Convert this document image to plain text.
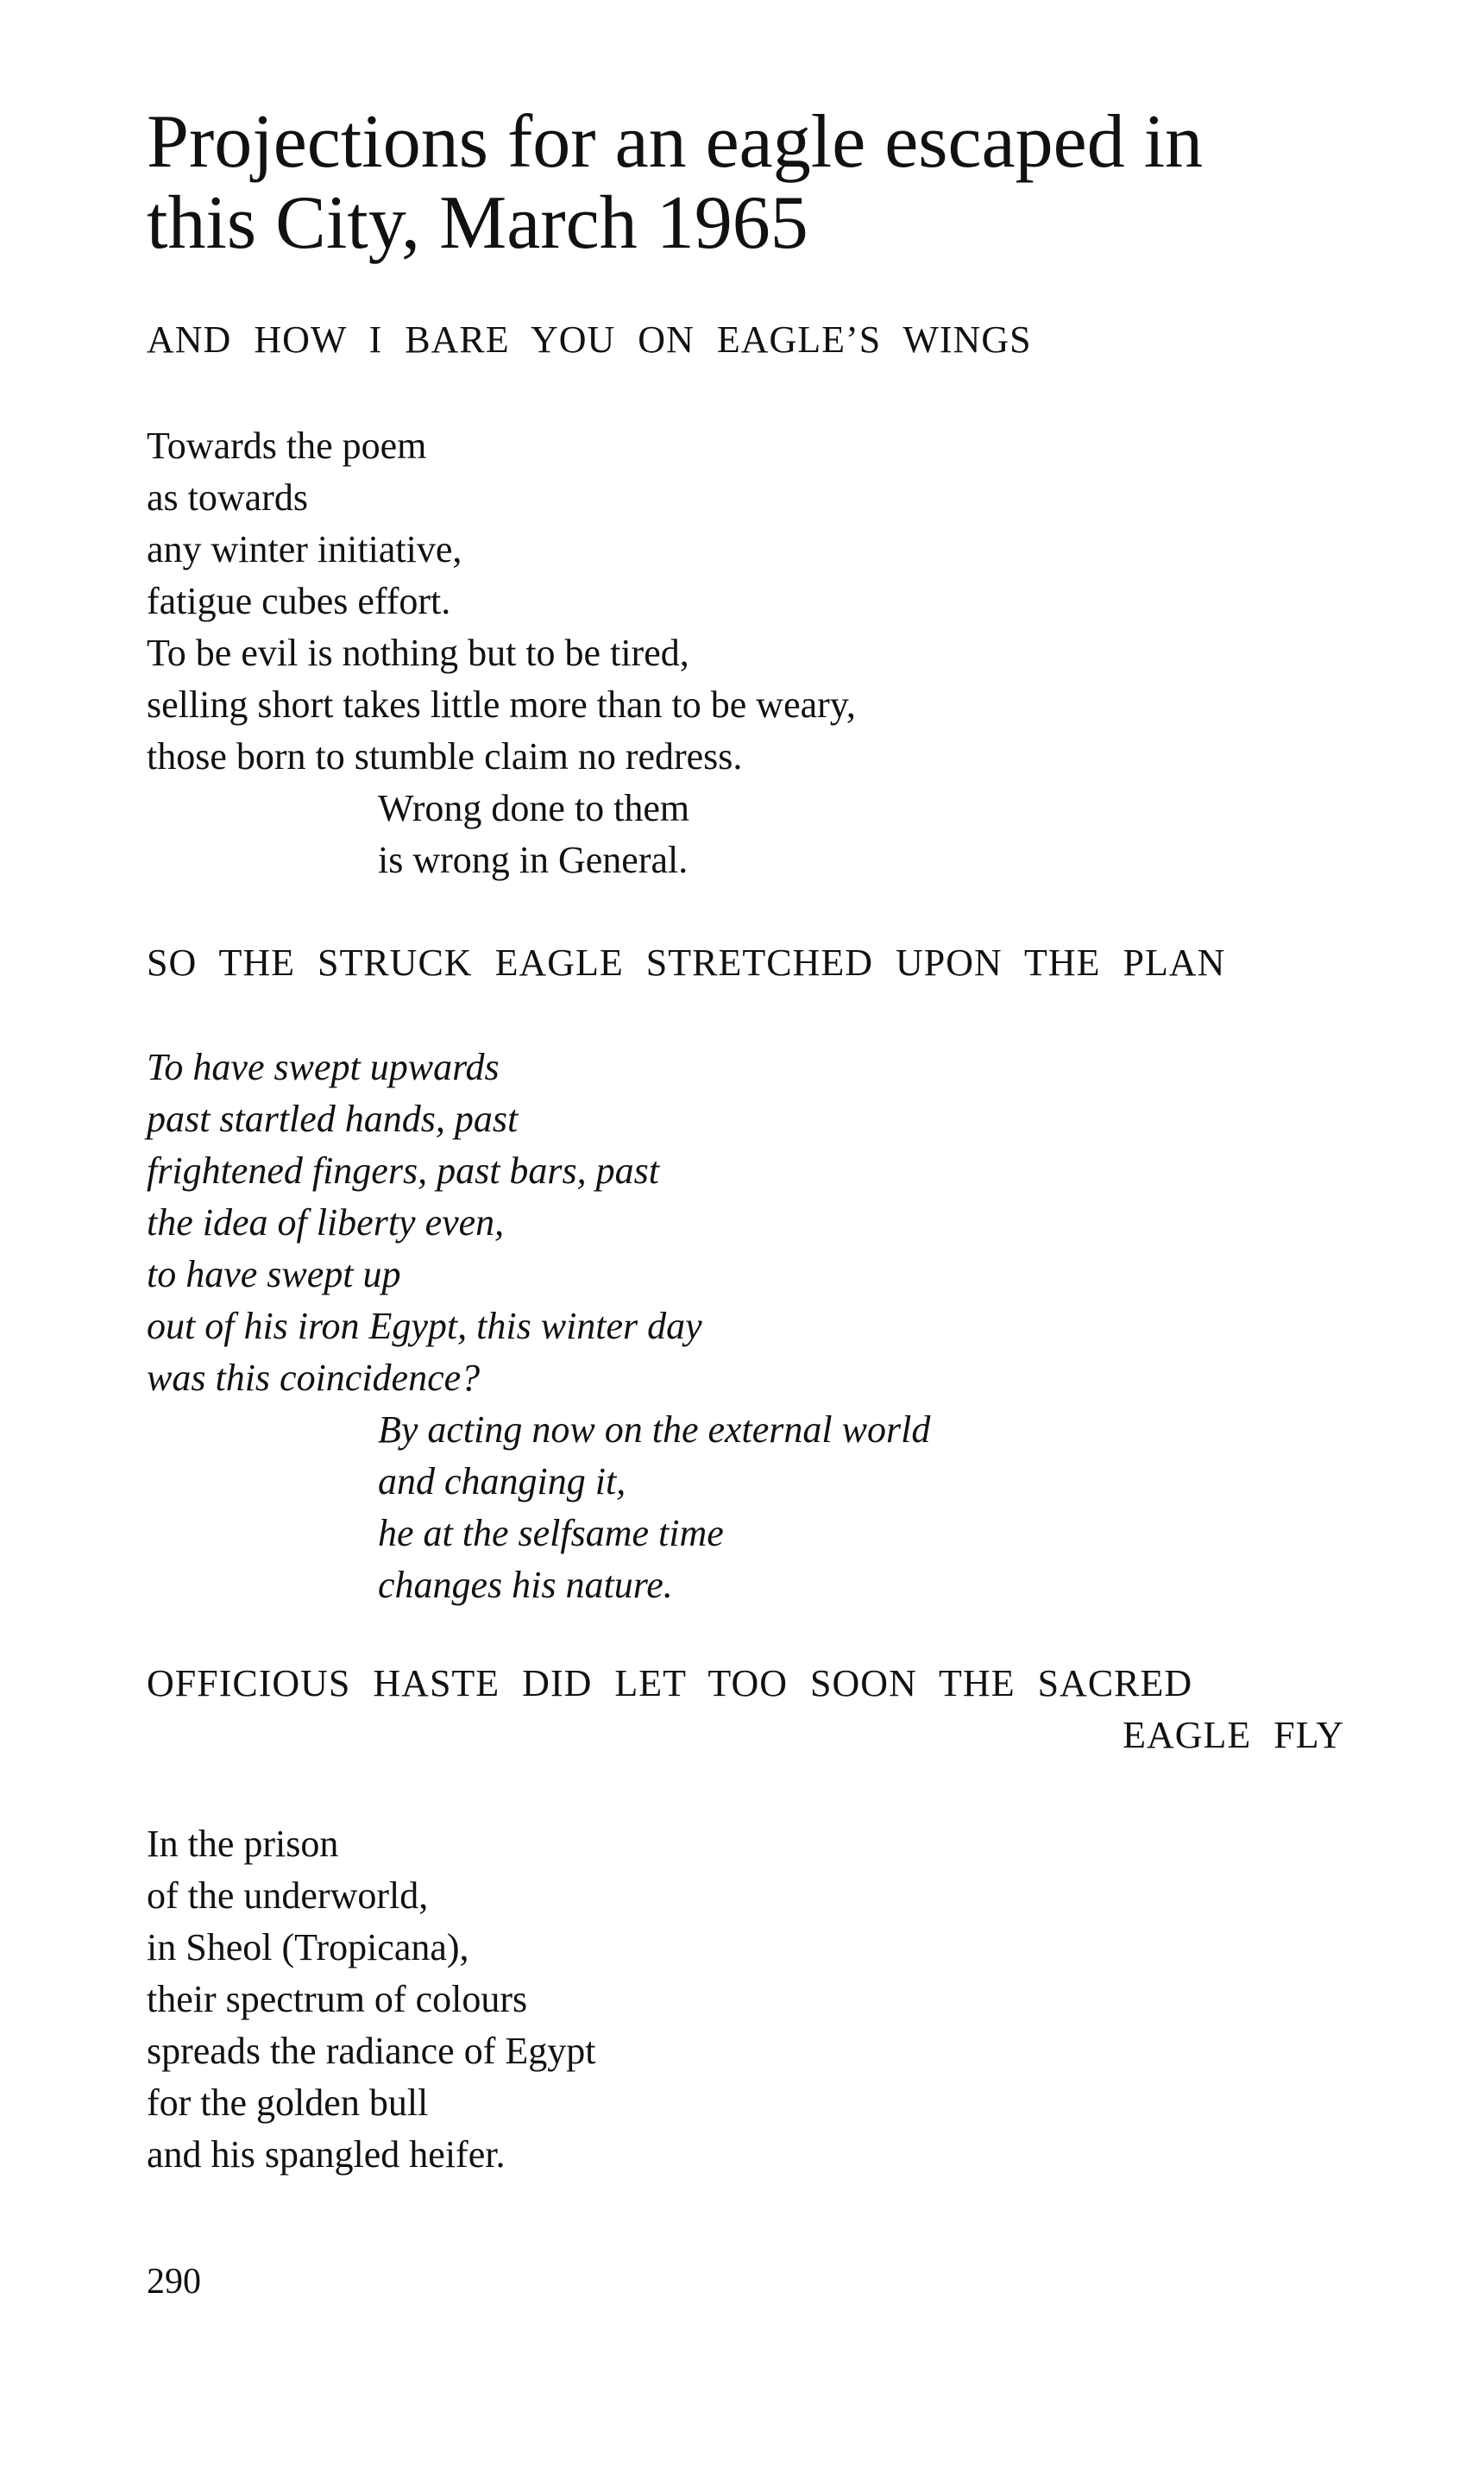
Projections for an eagle escaped in
this City, March 1965
AND HOW I BARE YOU ON EAGLE’S WINGS
Towards the poem
as towards
any winter initiative,
fatigue cubes effort.
To be evil is nothing but to be tired,
selling short takes little more than to be weary,
those born to stumble claim no redress.
Wrong done to them
is wrong in General.
SO THE STRUCK EAGLE STRETCHED UPON THE PLAN
To have swept upwards
past startled hands, past
frightened fingers, past bars, past
the idea of liberty even,
to have swept up
out of his iron Egypt, this winter day
was this coincidence?
By acting now on the external world
and changing it,
he at the selfsame time
changes his nature.
OFFICIOUS HASTE DID LET TOO SOON THE SACRED
EAGLE FLY
In the prison
of the underworld,
in Sheol (Tropicana),
their spectrum of colours
spreads the radiance of Egypt
for the golden bull
and his spangled heifer.
290
